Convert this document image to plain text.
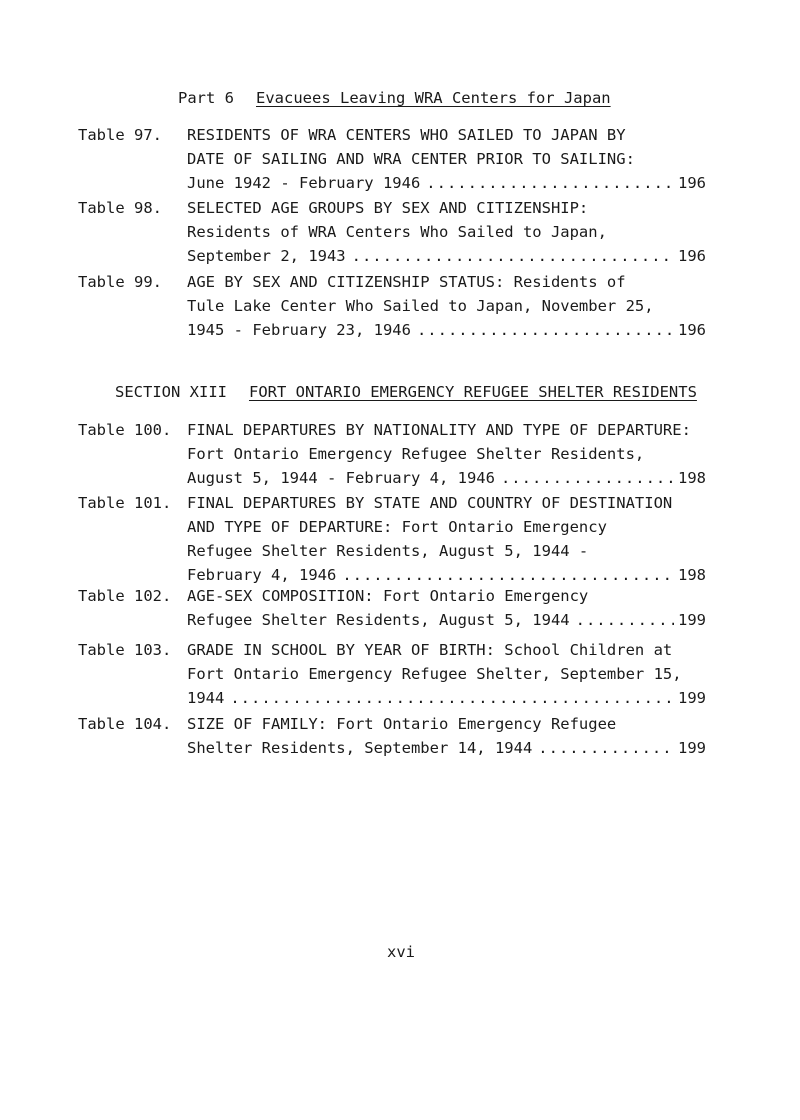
Part 6 Evacuees Leaving WRA Centers for Japan
Table 97. RESIDENTS OF WRA CENTERS WHO SAILED TO JAPAN BY
DATE OF SAILING AND WRA CENTER PRIOR TO SAILING:
June 1942 - February 1946 .....	196
Table 98. SELECTED AGE GROUPS BY SEX AND CITIZENSHIP:
Residents of WRA Centers Who Sailed to Japan,
September 2, 1943 .....	196
Table 99. AGE BY SEX AND CITIZENSHIP STATUS: Residents of
Tule Lake Center Who Sailed to Japan, November 25,
1945 - February 23, 1946 .....	196
SECTION XIII FORT ONTARIO EMERGENCY REFUGEE SHELTER RESIDENTS
Table 100. FINAL DEPARTURES BY NATIONALITY AND TYPE OF DEPARTURE:
Fort Ontario Emergency Refugee Shelter Residents,
August 5, 1944 - February 4, 1946 .....	198
Table 101. FINAL DEPARTURES BY STATE AND COUNTRY OF DESTINATION
AND TYPE OF DEPARTURE: Fort Ontario Emergency
Refugee Shelter Residents, August 5, 1944 -
February 4, 1946 .....	198
Table 102. AGE-SEX COMPOSITION: Fort Ontario Emergency
Refugee Shelter Residents, August 5, 1944 .....	199
Table 103. GRADE IN SCHOOL BY YEAR OF BIRTH: School Children at
Fort Ontario Emergency Refugee Shelter, September 15,
1944 .....	199
Table 104. SIZE OF FAMILY: Fort Ontario Emergency Refugee
Shelter Residents, September 14, 1944 .....	199
xvi
